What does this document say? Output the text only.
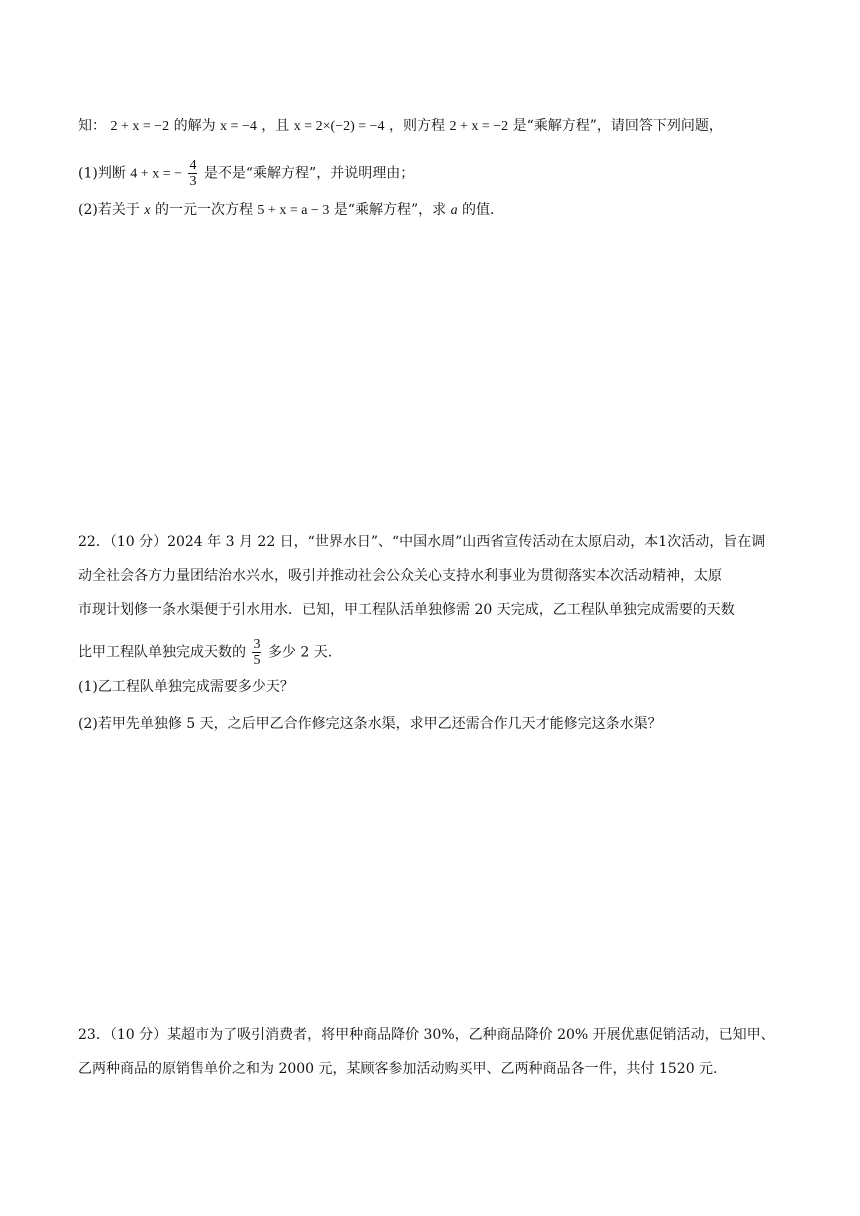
知： 2 + x = −2 的解为 x = −4 ，且 x = 2×(−2) = −4 ，则方程 2 + x = −2 是“乘解方程”，请回答下列问题，
(1)判断 4 + x = − $\frac{4}{3}$ 是不是“乘解方程”，并说明理由；
(2)若关于 x 的一元一次方程 5 + x = a − 3 是“乘解方程”，求 a 的值.
22．（10 分）2024 年 3 月 22 日，“世界水日”、“中国水周”山西省宣传活动在太原启动，本1次活动，旨在调
动全社会各方力量团结治水兴水，吸引并推动社会公众关心支持水利事业为贯彻落实本次活动精神，太原
市现计划修一条水渠便于引水用水．已知，甲工程队活单独修需 20 天完成，乙工程队单独完成需要的天数
比甲工程队单独完成天数的 $\frac{3}{5}$ 多少 2 天.
(1)乙工程队单独完成需要多少天？
(2)若甲先单独修 5 天，之后甲乙合作修完这条水渠，求甲乙还需合作几天才能修完这条水渠？
23．（10 分）某超市为了吸引消费者，将甲种商品降价 30%，乙种商品降价 20% 开展优惠促销活动，已知甲、
乙两种商品的原销售单价之和为 2000 元，某顾客参加活动购买甲、乙两种商品各一件，共付 1520 元.
